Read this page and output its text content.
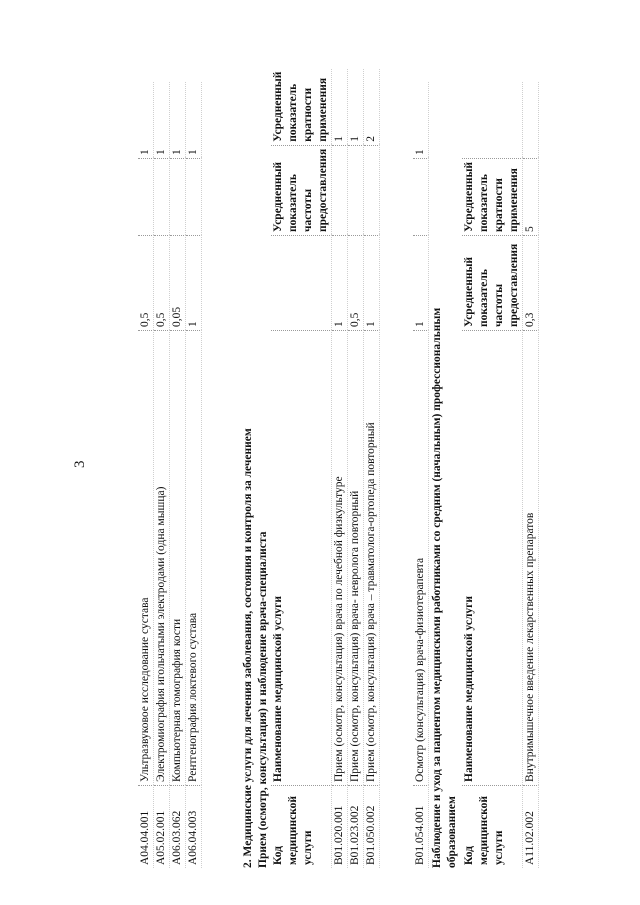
3
A04.04.001	Ультразвуковое исследование сустава	0,5		1
A05.02.001	Электромиография игольчатыми электродами (одна мышца)	0,5		1
A06.03.062	Компьютерная томография кости	0,05		1
A06.04.003	Рентгенография локтевого сустава	1		1
2. Медицинские услуги для лечения заболевания, состояния и контроля за лечением Прием (осмотр, консультация) и наблюдение врача-специалиста Код медицинской услуги	Наименование медицинской услуги		Усредненный показатель частоты предоставления	Усредненный показатель кратности применения
B01.020.001	Прием (осмотр, консультация) врача по лечебной физкультуре	1		1
B01.023.002	Прием (осмотр, консультация) врача- невролога повторный	0,5		1
B01.050.002	Прием (осмотр, консультация) врача – травматолога-ортопеда повторный	1		2
B01.054.001	Осмотр (консультация) врача-физиотерапевта	1		1
Наблюдение и уход за пациентом медицинскими работниками со средним (начальным) профессиональным образованием Код медицинской услуги	Наименование медицинской услуги	Усредненный показатель частоты предоставления	Усредненный показатель кратности применения	
A11.02.002	Внутримышечное введение лекарственных препаратов	0,3	5	
